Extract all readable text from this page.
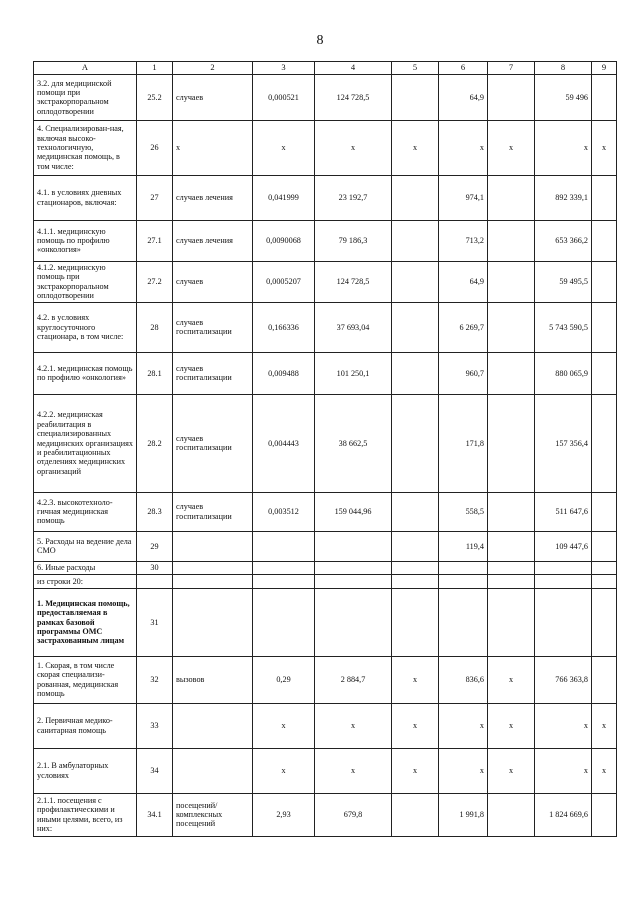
8
А	1	2	3	4	5	6	7	8	9
3.2. для медицинской помощи при экстракорпоральном оплодотворении	25.2	случаев	0,000521	124 728,5		64,9		59 496	
4. Специализирован-ная, включая высоко-технологичную, медицинская помощь, в том числе:	26	х	х	х	х	х	х	х	х
4.1. в условиях дневных стационаров, включая:	27	случаев лечения	0,041999	23 192,7		974,1		892 339,1	
4.1.1. медицинскую помощь по профилю «онкология»	27.1	случаев лечения	0,0090068	79 186,3		713,2		653 366,2	
4.1.2. медицинскую помощь при экстракорпоральном оплодотворении	27.2	случаев	0,0005207	124 728,5		64,9		59 495,5	
4.2. в условиях круглосуточного стационара, в том числе:	28	случаев госпитализации	0,166336	37 693,04		6 269,7		5 743 590,5	
4.2.1. медицинская помощь по профилю «онкология»	28.1	случаев госпитализации	0,009488	101 250,1		960,7		880 065,9	
4.2.2. медицинская реабилитация в специализированных медицинских организациях и реабилитационных отделениях медицинских организаций	28.2	случаев госпитализации	0,004443	38 662,5		171,8		157 356,4	
4.2.3. высокотехноло-гичная медицинская помощь	28.3	случаев госпитализации	0,003512	159 044,96		558,5		511 647,6	
5. Расходы на ведение дела СМО	29					119,4		109 447,6	
6. Иные расходы	30								
из строки 20:									
1. Медицинская помощь, предоставляемая в рамках базовой программы ОМС застрахованным лицам	31								
1. Скорая, в том числе скорая специализи-рованная, медицинская помощь	32	вызовов	0,29	2 884,7	х	836,6	х	766 363,8	
2. Первичная медико-санитарная помощь	33		х	х	х	х	х	х	х
2.1. В амбулаторных условиях	34		х	х	х	х	х	х	х
2.1.1. посещения с профилактическими и иными целями, всего, из них:	34.1	посещений/ комплексных посещений	2,93	679,8		1 991,8		1 824 669,6	
